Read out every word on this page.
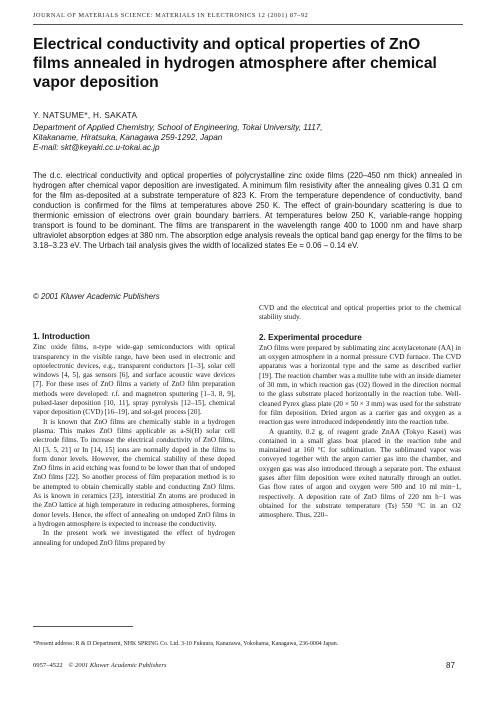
JOURNAL OF MATERIALS SCIENCE: MATERIALS IN ELECTRONICS 12 (2001) 87–92
Electrical conductivity and optical properties of ZnO films annealed in hydrogen atmosphere after chemical vapor deposition
Y. NATSUME*, H. SAKATA
Department of Applied Chemistry, School of Engineering, Tokai University, 1117,
Kitakaname, Hiratsuka, Kanagawa 259-1292, Japan
E-mail: skt@keyaki.cc.u-tokai.ac.jp

The d.c. electrical conductivity and optical properties of polycrystalline zinc oxide films (220–450 nm thick) annealed in hydrogen after chemical vapor deposition are investigated. A minimum film resistivity after the annealing gives 0.31 Ω cm for the film as-deposited at a substrate temperature of 823 K. From the temperature dependence of conductivity, band conduction is confirmed for the films at temperatures above 250 K. The effect of grain-boundary scattering is due to thermionic emission of electrons over grain boundary barriers. At temperatures below 250 K, variable-range hopping transport is found to be dominant. The films are transparent in the wavelength range 400 to 1000 nm and have sharp ultraviolet absorption edges at 380 nm. The absorption edge analysis reveals the optical band gap energy for the films to be 3.18–3.23 eV. The Urbach tail analysis gives the width of localized states Ee = 0.06 – 0.14 eV.

© 2001 Kluwer Academic Publishers
1. Introduction

Zinc oxide films, n-type wide-gap semiconductors with optical transparency in the visible range, have been used in electronic and optoelectronic devices, e.g., transparent conductors [1–3], solar cell windows [4, 5], gas sensors [6], and surface acoustic wave devices [7]. For these uses of ZnO films a variety of ZnO film preparation methods were developed: r.f. and magnetron sputtering [1–3, 8, 9], pulsed-laser deposition [10, 11], spray pyrolysis [12–15], chemical vapor deposition (CVD) [16–19], and sol-gel process [20].

It is known that ZnO films are chemically stable in a hydrogen plasma. This makes ZnO films applicable as a-Si(H) solar cell electrode films. To increase the electrical conductivity of ZnO films, Al [3, 5, 21] or In [14, 15] ions are normally doped in the films to form donor levels. However, the chemical stability of these doped ZnO films in acid etching was found to be lower than that of undoped ZnO films [22]. So another process of film preparation method is to be attempted to obtain chemically stable and conducting ZnO films. As is known in ceramics [23], interstitial Zn atoms are produced in the ZnO lattice at high temperature in reducing atmospheres, forming donor levels. Hence, the effect of annealing on undoped ZnO films in a hydrogen atmosphere is expected to increase the conductivity.

In the present work we investigated the effect of hydrogen annealing for undoped ZnO films prepared by

CVD and the electrical and optical properties prior to the chemical stability study.

2. Experimental procedure

ZnO films were prepared by sublimating zinc acetylacetonate (AA) in an oxygen atmosphere in a normal pressure CVD furnace. The CVD apparatus was a horizontal type and the same as described earlier [19]. The reaction chamber was a mullite tube with an inside diameter of 30 mm, in which reaction gas (O2) flowed in the direction normal to the glass substrate placed horizontally in the reaction tube. Well-cleaned Pyrex glass plate (20 × 50 × 3 mm) was used for the substrate for film deposition. Dried argon as a carrier gas and oxygen as a reaction gas were introduced independently into the reaction tube.

A quantity, 0.2 g, of reagent grade ZnAA (Tokyo Kasei) was contained in a small glass boat placed in the reaction tube and maintained at 160 °C for sublimation. The sublimated vapor was conveyed together with the argon carrier gas into the chamber, and oxygen gas was also introduced through a separate port. The exhaust gases after film deposition were exited naturally through an outlet. Gas flow rates of argon and oxygen were 500 and 10 ml min−1, respectively. A deposition rate of ZnO films of 220 nm h−1 was obtained for the substrate temperature (Ts) 550 °C in an O2 atmosphere. Thus, 220–

*Present address: R & D Department, NHK SPRING Co. Ltd. 3-10 Fukuura, Kanazawa, Yokohama, Kanagawa, 236-0004 Japan.
0957–4522 © 2001 Kluwer Academic Publishers	87
